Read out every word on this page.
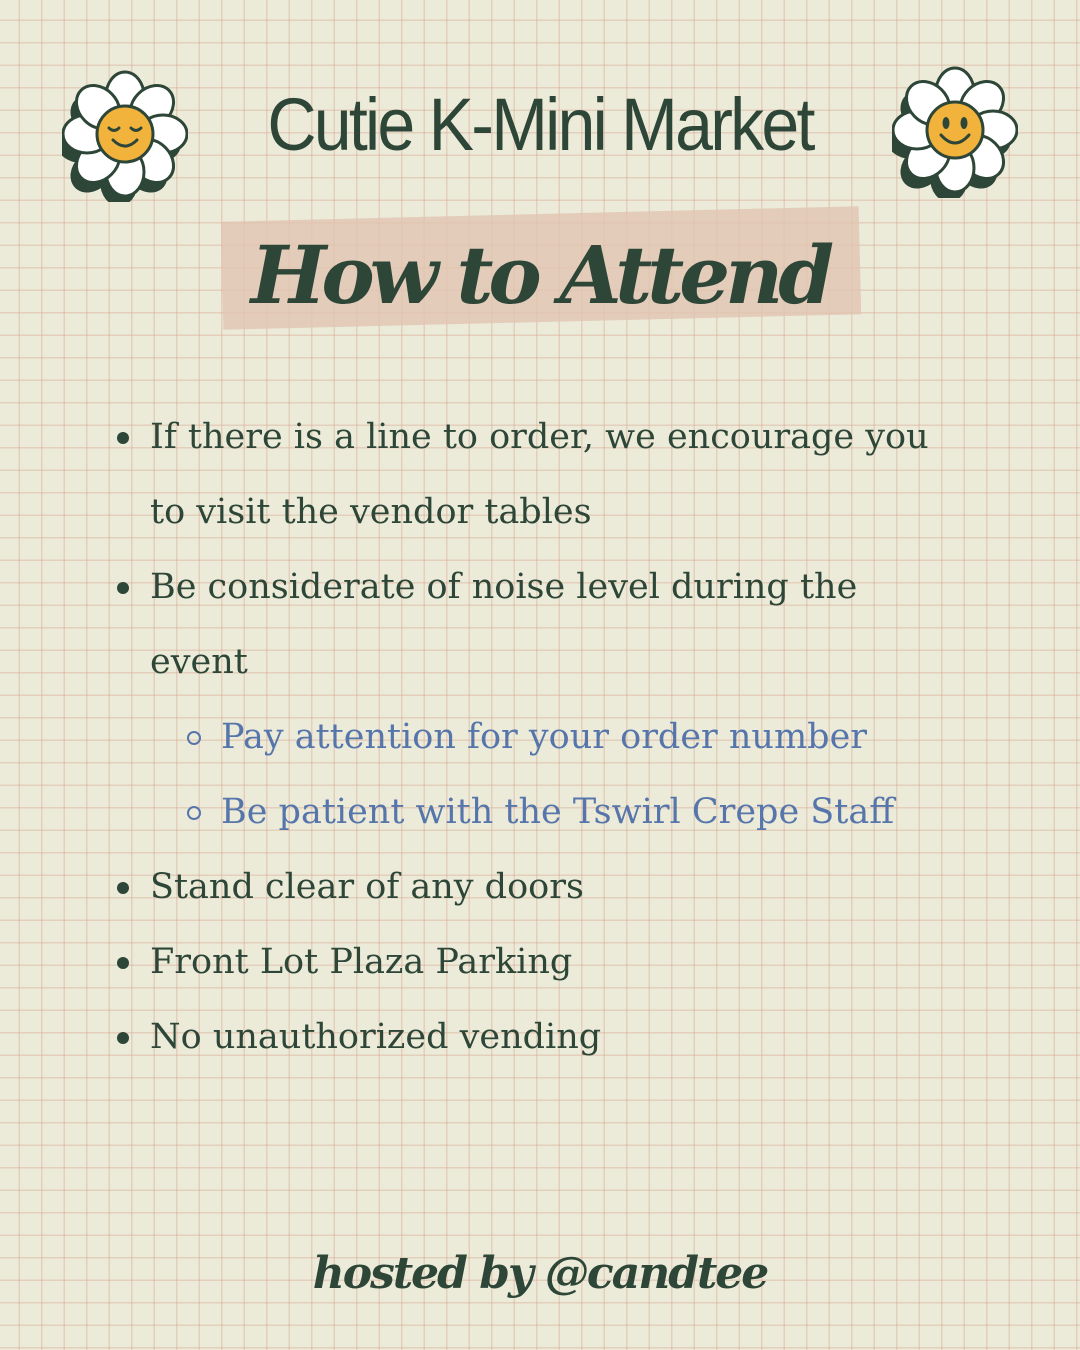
Cutie K-Mini Market
How to Attend
If there is a line to order, we encourage you
to visit the vendor tables
Be considerate of noise level during the
event
Pay attention for your order number
Be patient with the Tswirl Crepe Staff
Stand clear of any doors
Front Lot Plaza Parking
No unauthorized vending
hosted by @candtee
